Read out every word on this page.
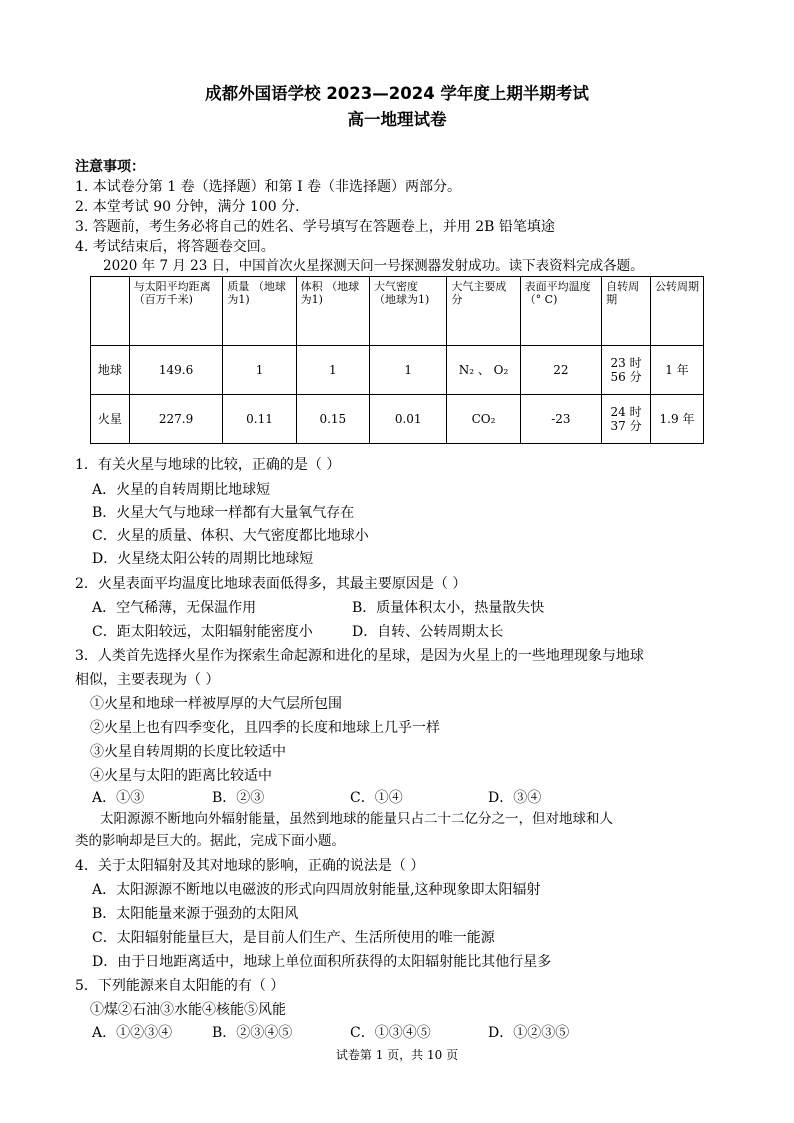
成都外国语学校 2023—2024 学年度上期半期考试
高一地理试卷
注意事项：
1. 本试卷分第 1 卷（选择题）和第 Ⅰ 卷（非选择题）两部分。
2. 本堂考试 90 分钟，满分 100 分.
3. 答题前，考生务必将自己的姓名、学号填写在答题卷上，并用 2B 铅笔填途
4. 考试结束后，将答题卷交回。
2020 年 7 月 23 日，中国首次火星探测天问一号探测器发射成功。读下表资料完成各题。
	与太阳平均距离（百万千米)	质量 （地球为1)	体积 （地球为1)	大气密度 （地球为1)	大气主要成分	表面平均温度（° C)	自转周期	公转周期
地球	149.6	1	1	1	N₂ 、 O₂	22	23 时 56 分	1 年
火星	227.9	0.11	0.15	0.01	CO₂	-23	24 时 37 分	1.9 年
1．有关火星与地球的比较，正确的是（ ）
A．火星的自转周期比地球短
B．火星大气与地球一样都有大量氧气存在
C．火星的质量、体积、大气密度都比地球小
D．火星绕太阳公转的周期比地球短
2．火星表面平均温度比地球表面低得多，其最主要原因是（ ）
A．空气稀薄，无保温作用	B．质量体积太小，热量散失快
C．距太阳较远，太阳辐射能密度小	D．自转、公转周期太长
3．人类首先选择火星作为探索生命起源和进化的星球，是因为火星上的一些地理现象与地球
相似，主要表现为（ ）
①火星和地球一样被厚厚的大气层所包围
②火星上也有四季变化，且四季的长度和地球上几乎一样
③火星自转周期的长度比较适中
④火星与太阳的距离比较适中
A．①③	B．②③	C．①④	D．③④
太阳源源不断地向外辐射能量，虽然到地球的能量只占二十二亿分之一，但对地球和人
类的影响却是巨大的。据此，完成下面小题。
4．关于太阳辐射及其对地球的影响，正确的说法是（ ）
A．太阳源源不断地以电磁波的形式向四周放射能量,这种现象即太阳辐射
B．太阳能量来源于强劲的太阳风
C．太阳辐射能量巨大，是目前人们生产、生活所使用的唯一能源
D．由于日地距离适中，地球上单位面积所获得的太阳辐射能比其他行星多
5．下列能源来自太阳能的有（ ）
①煤②石油③水能④核能⑤风能
A．①②③④	B．②③④⑤	C．①③④⑤	D．①②③⑤
试卷第 1 页，共 10 页
